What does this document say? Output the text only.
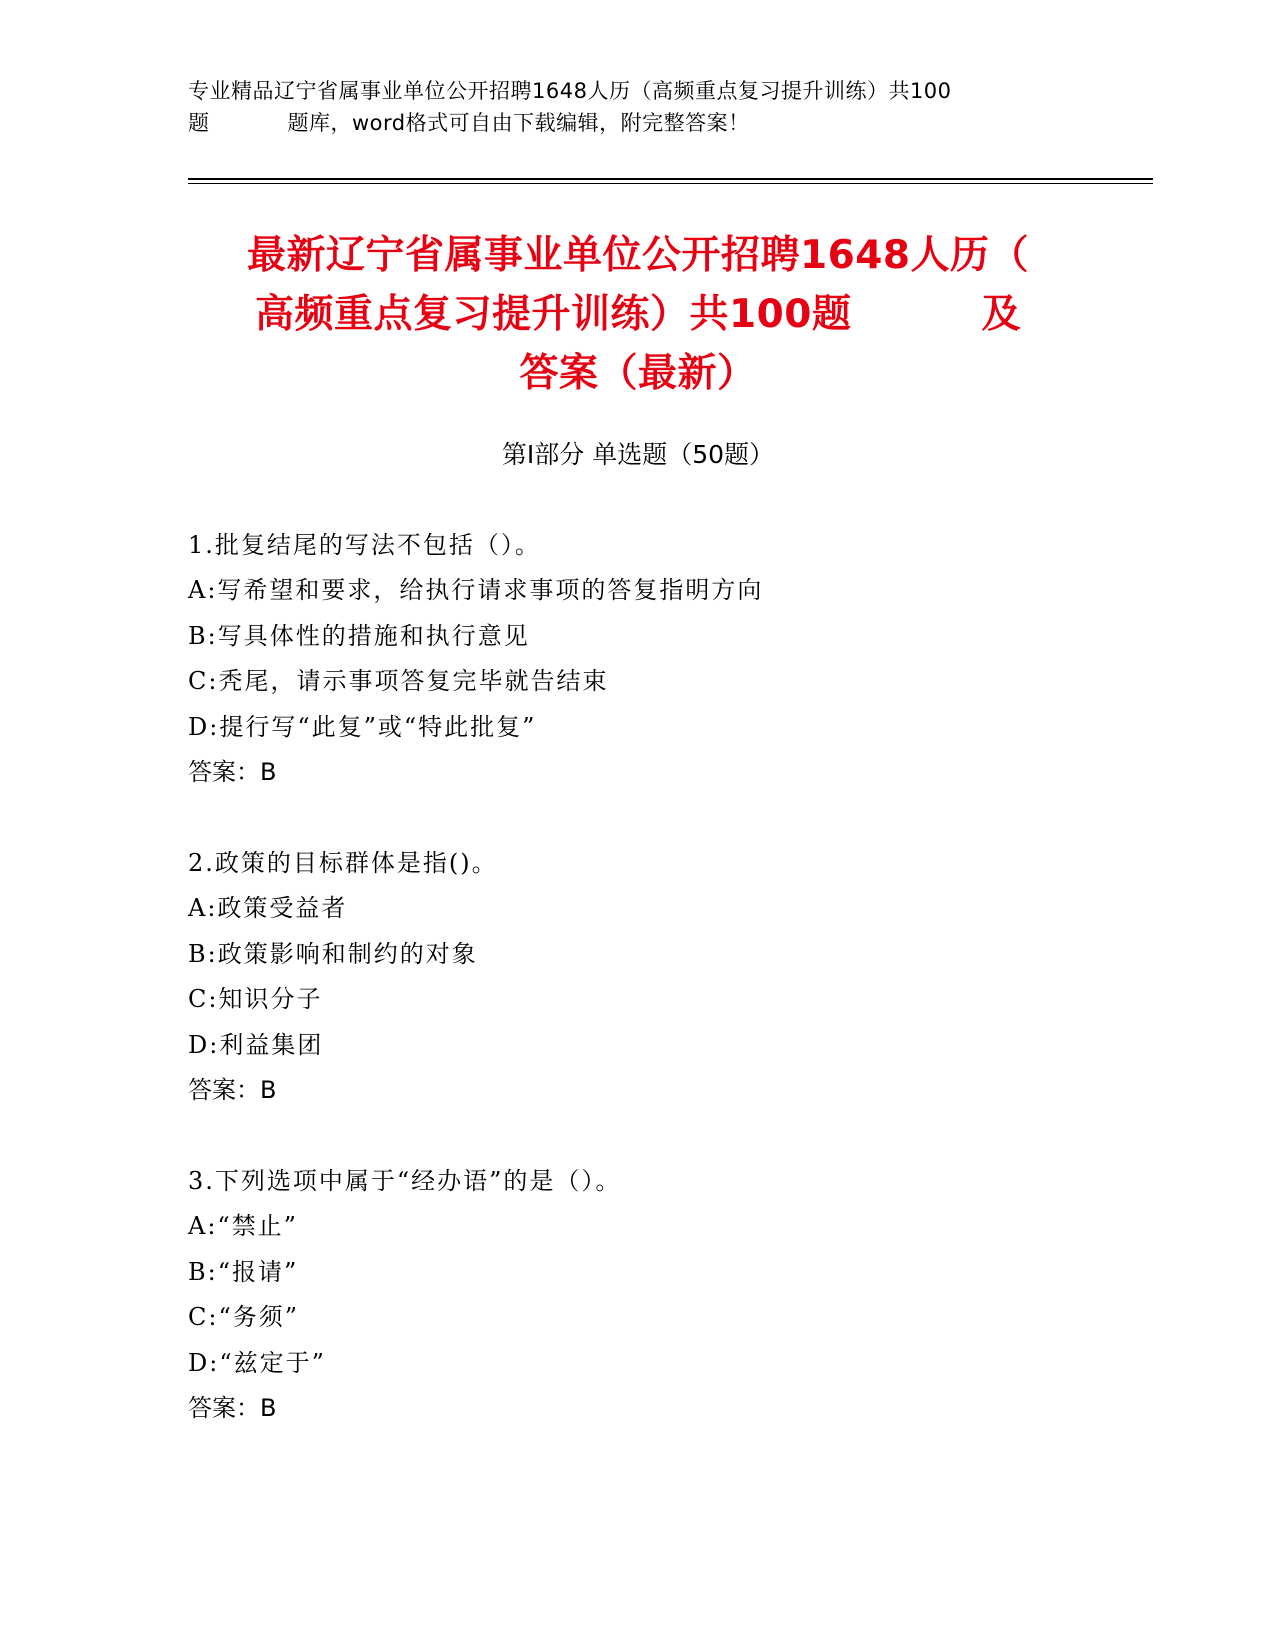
专业精品辽宁省属事业单位公开招聘1648人历（高频重点复习提升训练）共100
题	题库，word格式可自由下载编辑，附完整答案！
最新辽宁省属事业单位公开招聘1648人历（
高频重点复习提升训练）共100题	及
答案（最新）
第Ⅰ部分 单选题（50题）
1.批复结尾的写法不包括（）。
A:写希望和要求，给执行请求事项的答复指明方向
B:写具体性的措施和执行意见
C:秃尾，请示事项答复完毕就告结束
D:提行写“此复”或“特此批复”
答案：B
2.政策的目标群体是指()。
A:政策受益者
B:政策影响和制约的对象
C:知识分子
D:利益集团
答案：B
3.下列选项中属于“经办语”的是（）。
A:“禁止”
B:“报请”
C:“务须”
D:“兹定于”
答案：B
